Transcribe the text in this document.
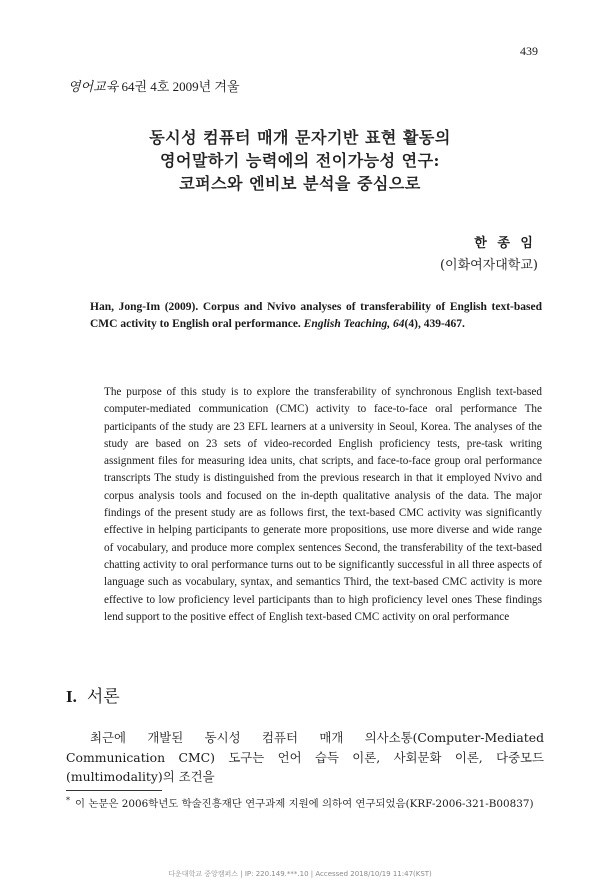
439
영어교육 64권 4호 2009년 겨울
동시성 컴퓨터 매개 문자기반 표현 활동의
영어말하기 능력에의 전이가능성 연구:
코퍼스와 엔비보 분석을 중심으로
한 종 임
(이화여자대학교)
Han, Jong-Im (2009). Corpus and Nvivo analyses of transferability of English text-based CMC activity to English oral performance. English Teaching, 64(4), 439-467.
The purpose of this study is to explore the transferability of synchronous English text-based computer-mediated communication (CMC) activity to face-to-face oral performance The participants of the study are 23 EFL learners at a university in Seoul, Korea. The analyses of the study are based on 23 sets of video-recorded English proficiency tests, pre-task writing assignment files for measuring idea units, chat scripts, and face-to-face group oral performance transcripts The study is distinguished from the previous research in that it employed Nvivo and corpus analysis tools and focused on the in-depth qualitative analysis of the data. The major findings of the present study are as follows first, the text-based CMC activity was significantly effective in helping participants to generate more propositions, use more diverse and wide range of vocabulary, and produce more complex sentences Second, the transferability of the text-based chatting activity to oral performance turns out to be significantly successful in all three aspects of language such as vocabulary, syntax, and semantics Third, the text-based CMC activity is more effective to low proficiency level participants than to high proficiency level ones These findings lend support to the positive effect of English text-based CMC activity on oral performance
I. 서론
최근에 개발된 동시성 컴퓨터 매개 의사소통(Computer-Mediated Communication CMC) 도구는 언어 습득 이론, 사회문화 이론, 다중모드(multimodality)의 조건을
* 이 논문은 2006학년도 학술진흥재단 연구과제 지원에 의하여 연구되었음(KRF-2006-321-B00837)
다운대학교 중앙캠퍼스 | IP: 220.149.***.10 | Accessed 2018/10/19 11:47(KST)
